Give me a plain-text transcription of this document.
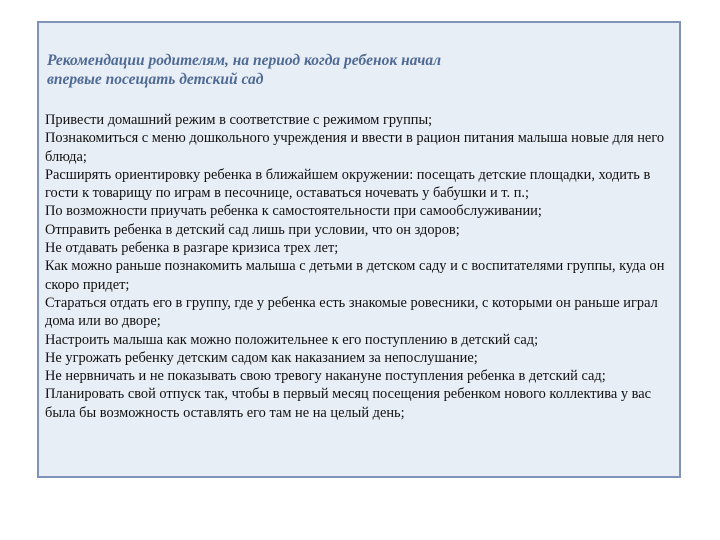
Рекомендации родителям, на период когда ребенок начал
впервые посещать детский сад

Привести домашний режим в соответствие с режимом группы;

Познакомиться с меню дошкольного учреждения и ввести в рацион питания малыша новые для него блюда;

Расширять ориентировку ребенка в ближайшем окружении: посещать детские площадки, ходить в гости к товарищу по играм в песочнице, оставаться ночевать у бабушки и т. п.;

По возможности приучать ребенка к самостоятельности при самообслуживании;

Отправить ребенка в детский сад лишь при условии, что он здоров;

Не отдавать ребенка в разгаре кризиса трех лет;

Как можно раньше познакомить малыша с детьми в детском саду и с воспитателями группы, куда он скоро придет;

Стараться отдать его в группу, где у ребенка есть знакомые ровесники, с которыми он раньше играл дома или во дворе;

Настроить малыша как можно положительнее к его поступлению в детский сад;

Не угрожать ребенку детским садом как наказанием за непослушание;

Не нервничать и не показывать свою тревогу накануне поступления ребенка в детский сад;

Планировать свой отпуск так, чтобы в первый месяц посещения ребенком нового коллектива у вас была бы возможность оставлять его там не на целый день;
